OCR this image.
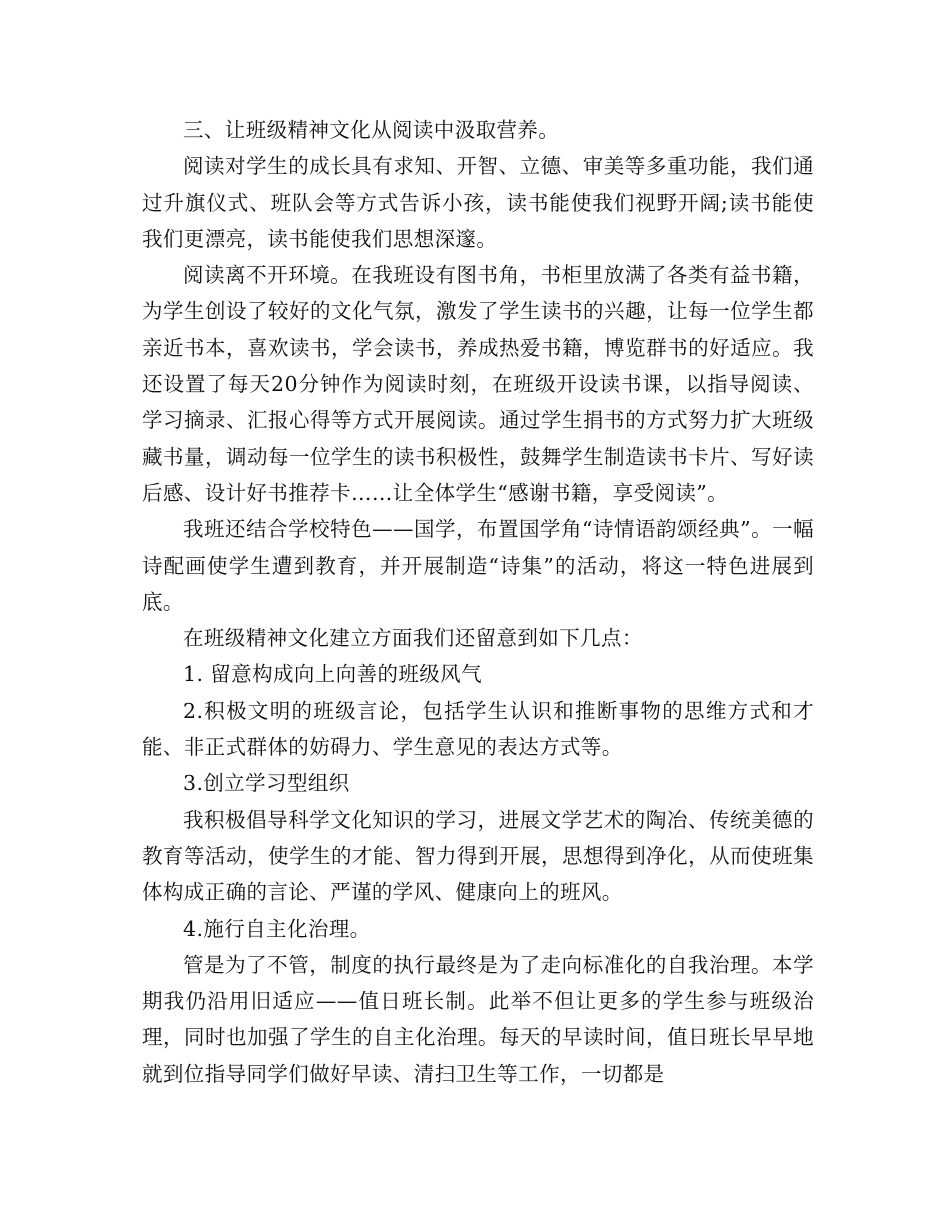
三、让班级精神文化从阅读中汲取营养。

阅读对学生的成长具有求知、开智、立德、审美等多重功能，我们通过升旗仪式、班队会等方式告诉小孩，读书能使我们视野开阔;读书能使我们更漂亮，读书能使我们思想深邃。

阅读离不开环境。在我班设有图书角，书柜里放满了各类有益书籍，为学生创设了较好的文化气氛，激发了学生读书的兴趣，让每一位学生都亲近书本，喜欢读书，学会读书，养成热爱书籍，博览群书的好适应。我还设置了每天20分钟作为阅读时刻，在班级开设读书课，以指导阅读、学习摘录、汇报心得等方式开展阅读。通过学生捐书的方式努力扩大班级藏书量，调动每一位学生的读书积极性，鼓舞学生制造读书卡片、写好读后感、设计好书推荐卡……让全体学生“感谢书籍，享受阅读”。

我班还结合学校特色——国学，布置国学角“诗情语韵颂经典”。一幅诗配画使学生遭到教育，并开展制造“诗集”的活动，将这一特色进展到底。

在班级精神文化建立方面我们还留意到如下几点：

1. 留意构成向上向善的班级风气

2.积极文明的班级言论，包括学生认识和推断事物的思维方式和才能、非正式群体的妨碍力、学生意见的表达方式等。

3.创立学习型组织

我积极倡导科学文化知识的学习，进展文学艺术的陶冶、传统美德的教育等活动，使学生的才能、智力得到开展，思想得到净化，从而使班集体构成正确的言论、严谨的学风、健康向上的班风。

4.施行自主化治理。

管是为了不管，制度的执行最终是为了走向标准化的自我治理。本学期我仍沿用旧适应——值日班长制。此举不但让更多的学生参与班级治理，同时也加强了学生的自主化治理。每天的早读时间，值日班长早早地就到位指导同学们做好早读、清扫卫生等工作，一切都是
